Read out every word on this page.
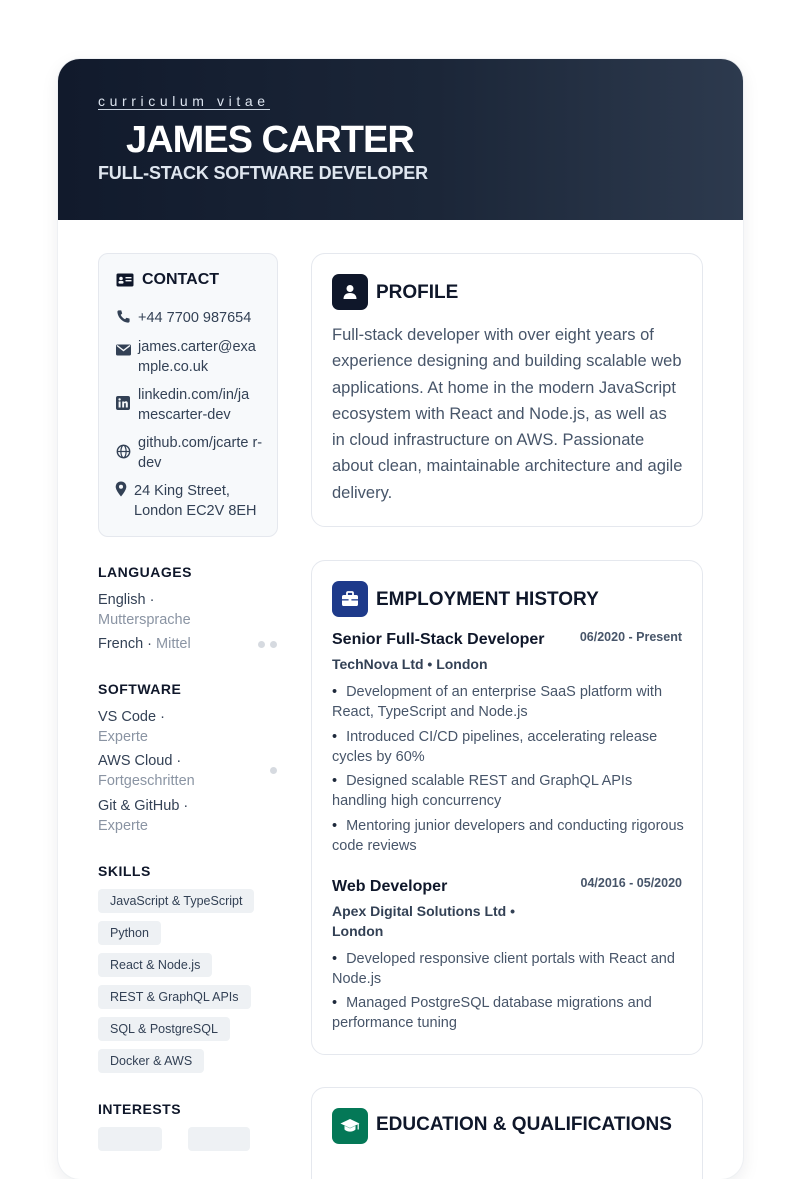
curriculum vitae
JAMES CARTER
FULL-STACK SOFTWARE DEVELOPER
CONTACT
+44 7700 987654
james.carter@exa mple.co.uk
linkedin.com/in/ja mescarter-dev
github.com/jcarte r-dev
24 King Street, London EC2V 8EH
LANGUAGES
English ·
Muttersprache
French · Mittel
SOFTWARE
VS Code ·
Experte
AWS Cloud ·
Fortgeschritten
Git & GitHub ·
Experte
SKILLS
JavaScript & TypeScript
Python
React & Node.js
REST & GraphQL APIs
SQL & PostgreSQL
Docker & AWS
INTERESTS
PROFILE
Full-stack developer with over eight years of experience designing and building scalable web applications. At home in the modern JavaScript ecosystem with React and Node.js, as well as in cloud infrastructure on AWS. Passionate about clean, maintainable architecture and agile delivery.
EMPLOYMENT HISTORY
Senior Full-Stack Developer	06/2020 - Present
TechNova Ltd • London
• Development of an enterprise SaaS platform with React, TypeScript and Node.js
• Introduced CI/CD pipelines, accelerating release cycles by 60%
• Designed scalable REST and GraphQL APIs handling high concurrency
• Mentoring junior developers and conducting rigorous code reviews
Web Developer	04/2016 - 05/2020
Apex Digital Solutions Ltd • London
• Developed responsive client portals with React and Node.js
• Managed PostgreSQL database migrations and performance tuning
EDUCATION & QUALIFICATIONS
